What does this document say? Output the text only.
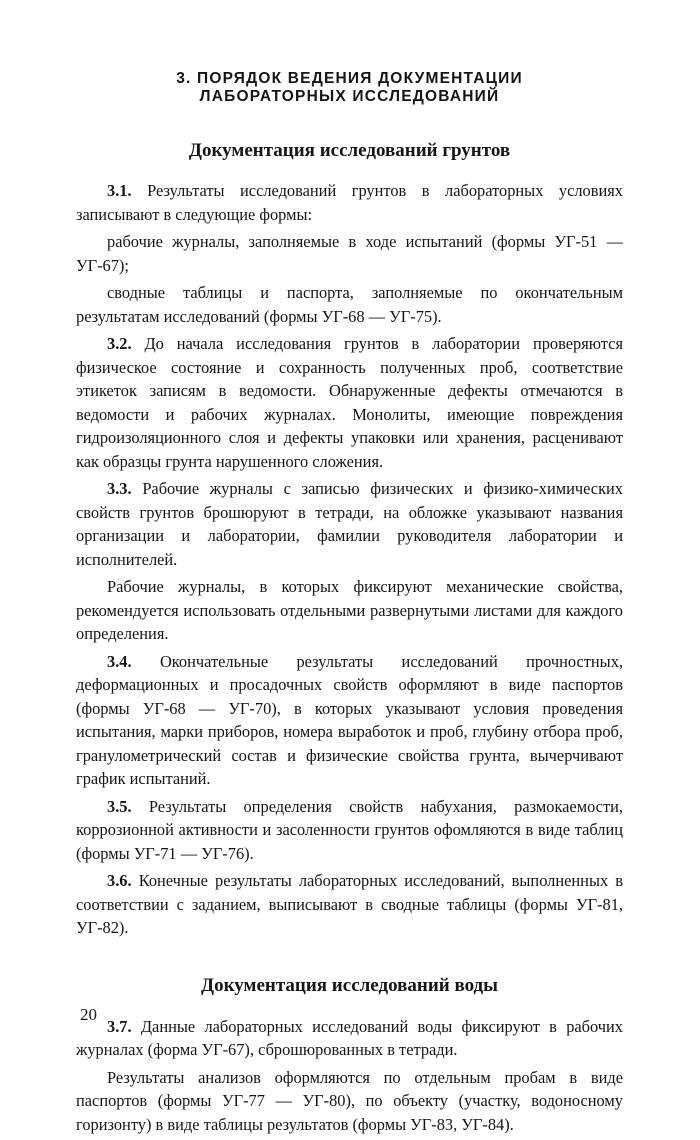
3. ПОРЯДОК ВЕДЕНИЯ ДОКУМЕНТАЦИИ
ЛАБОРАТОРНЫХ ИССЛЕДОВАНИЙ
Документация исследований грунтов

3.1. Результаты исследований грунтов в лабораторных условиях записывают в следующие формы:

рабочие журналы, заполняемые в ходе испытаний (формы УГ-51 — УГ-67);

сводные таблицы и паспорта, заполняемые по окончательным результатам исследований (формы УГ-68 — УГ-75).

3.2. До начала исследования грунтов в лаборатории проверяются физическое состояние и сохранность полученных проб, соответствие этикеток записям в ведомости. Обнаруженные дефекты отмечаются в ведомости и рабочих журналах. Монолиты, имеющие повреждения гидроизоляционного слоя и дефекты упаковки или хранения, расценивают как образцы грунта нарушенного сложения.

3.3. Рабочие журналы с записью физических и физико-химических свойств грунтов брошюруют в тетради, на обложке указывают названия организации и лаборатории, фамилии руководителя лаборатории и исполнителей.

Рабочие журналы, в которых фиксируют механические свойства, рекомендуется использовать отдельными развернутыми листами для каждого определения.

3.4. Окончательные результаты исследований прочностных, деформационных и просадочных свойств оформляют в виде паспортов (формы УГ-68 — УГ-70), в которых указывают условия проведения испытания, марки приборов, номера выработок и проб, глубину отбора проб, гранулометрический состав и физические свойства грунта, вычерчивают график испытаний.

3.5. Результаты определения свойств набухания, размокаемости, коррозионной активности и засоленности грунтов офомляются в виде таблиц (формы УГ-71 — УГ-76).

3.6. Конечные результаты лабораторных исследований, выполненных в соответствии с заданием, выписывают в сводные таблицы (формы УГ-81, УГ-82).

Документация исследований воды

3.7. Данные лабораторных исследований воды фиксируют в рабочих журналах (форма УГ-67), сброшюрованных в тетради.

Результаты анализов оформляются по отдельным пробам в виде паспортов (формы УГ-77 — УГ-80), по объекту (участку, водоносному горизонту) в виде таблицы результатов (формы УГ-83, УГ-84).

20
